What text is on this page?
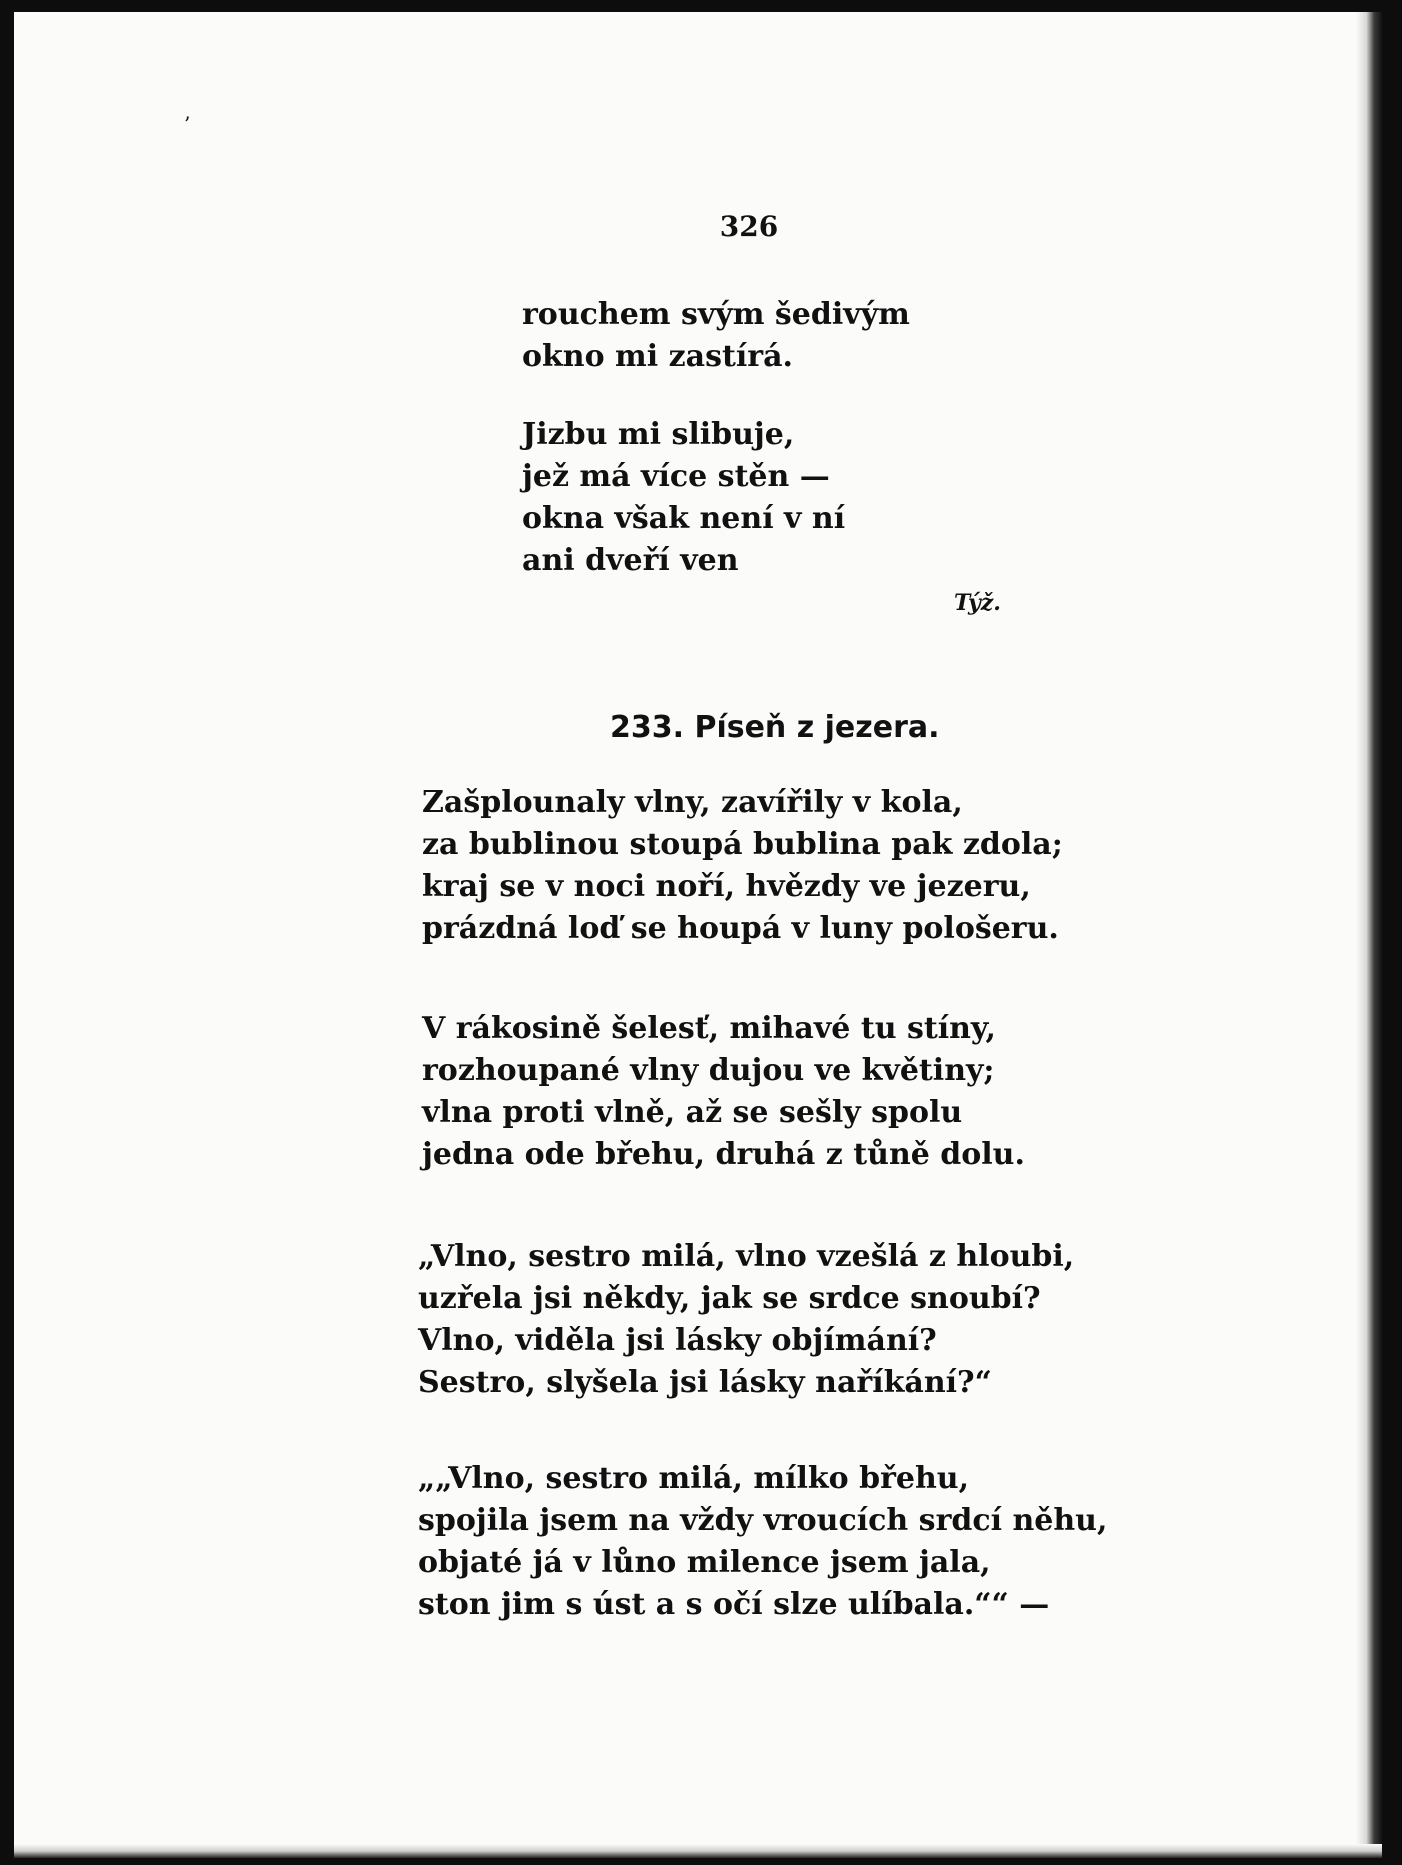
’
326
rouchem svým šedivým
okno mi zastírá.
Jizbu mi slibuje,
jež má více stěn —
okna však není v ní
ani dveří ven
Týž.
233. Píseň z jezera.
Zašplounaly vlny, zavířily v kola,
za bublinou stoupá bublina pak zdola;
kraj se v noci noří, hvězdy ve jezeru,
prázdná loď se houpá v luny pološeru.
V rákosině šelesť, mihavé tu stíny,
rozhoupané vlny dujou ve květiny;
vlna proti vlně, až se sešly spolu
jedna ode břehu, druhá z tůně dolu.
„Vlno, sestro milá, vlno vzešlá z hloubi,
uzřela jsi někdy, jak se srdce snoubí?
Vlno, viděla jsi lásky objímání?
Sestro, slyšela jsi lásky naříkání?“
„„Vlno, sestro milá, mílko břehu,
spojila jsem na vždy vroucích srdcí něhu,
objaté já v lůno milence jsem jala,
ston jim s úst a s očí slze ulíbala.““ —
